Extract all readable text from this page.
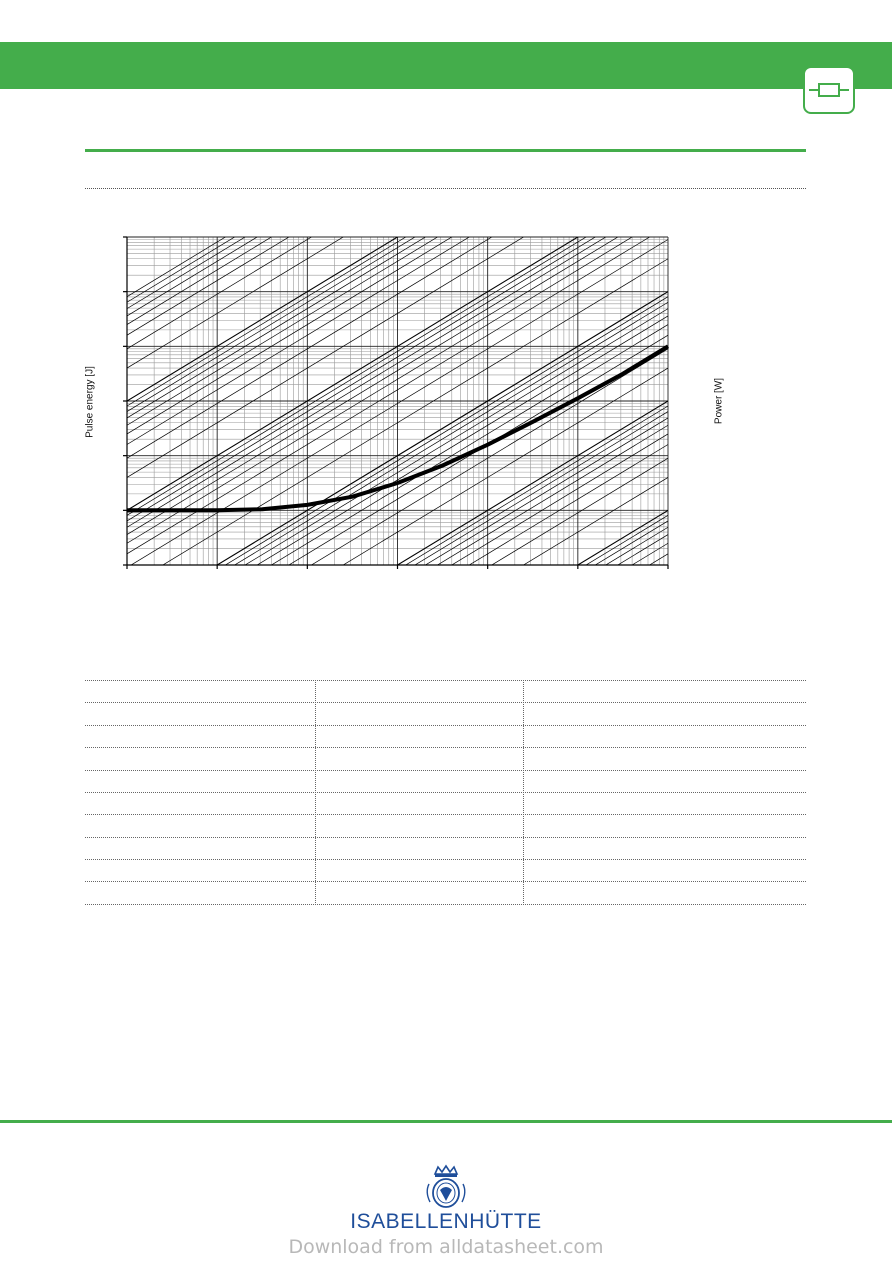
Pulse energy [J]	Power [W]
ISABELLENHÜTTE
Download from alldatasheet.com
